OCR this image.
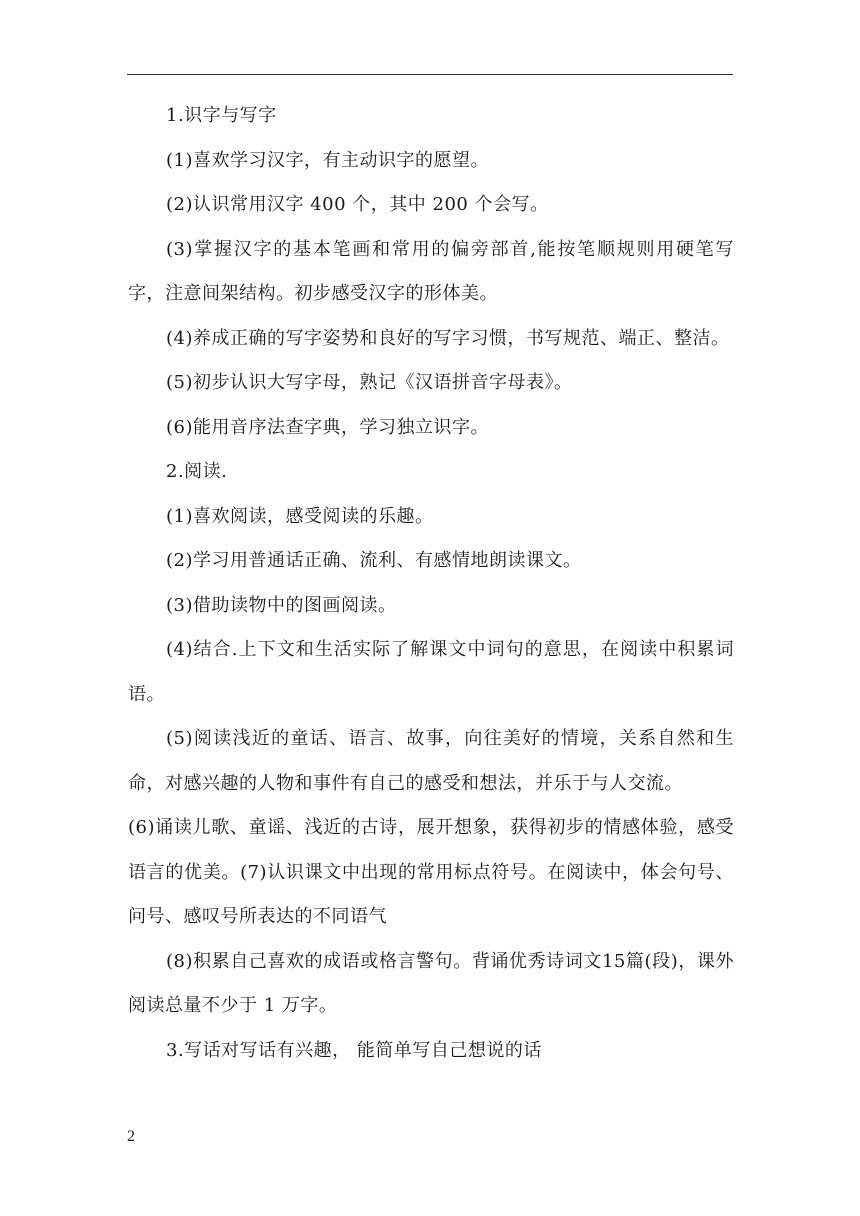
1.识字与写字

(1)喜欢学习汉字，有主动识字的愿望。

(2)认识常用汉字 400 个，其中 200 个会写。

(3)掌握汉字的基本笔画和常用的偏旁部首,能按笔顺规则用硬笔写字，注意间架结构。初步感受汉字的形体美。

(4)养成正确的写字姿势和良好的写字习惯，书写规范、端正、整洁。

(5)初步认识大写字母，熟记《汉语拼音字母表》。

(6)能用音序法查字典，学习独立识字。

2.阅读.

(1)喜欢阅读，感受阅读的乐趣。

(2)学习用普通话正确、流利、有感情地朗读课文。

(3)借助读物中的图画阅读。

(4)结合.上下文和生活实际了解课文中词句的意思，在阅读中积累词语。

(5)阅读浅近的童话、语言、故事，向往美好的情境，关系自然和生命，对感兴趣的人物和事件有自己的感受和想法，并乐于与人交流。

(6)诵读儿歌、童谣、浅近的古诗，展开想象，获得初步的情感体验，感受语言的优美。(7)认识课文中出现的常用标点符号。在阅读中，体会句号、问号、感叹号所表达的不同语气

(8)积累自己喜欢的成语或格言警句。背诵优秀诗词文15篇(段)，课外阅读总量不少于 1 万字。

3.写话对写话有兴趣， 能简单写自己想说的话

2
